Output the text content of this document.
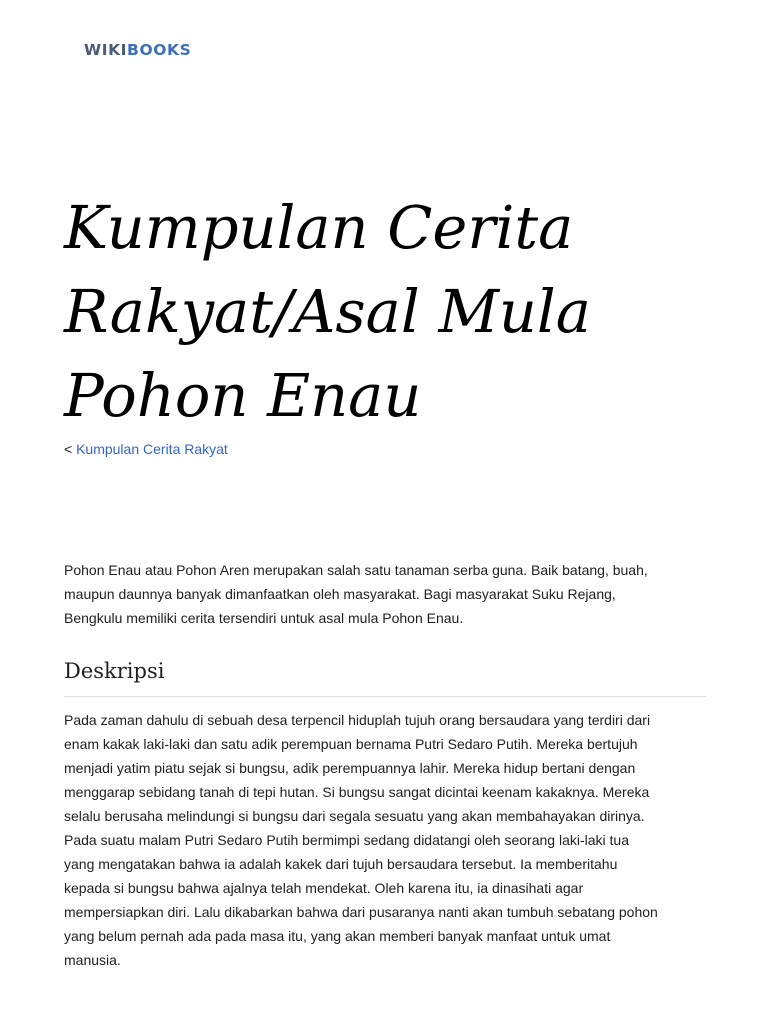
WIKIBOOKS
Kumpulan Cerita
Rakyat/Asal Mula
Pohon Enau
< Kumpulan Cerita Rakyat

Pohon Enau atau Pohon Aren merupakan salah satu tanaman serba guna. Baik batang, buah,
maupun daunnya banyak dimanfaatkan oleh masyarakat. Bagi masyarakat Suku Rejang,
Bengkulu memiliki cerita tersendiri untuk asal mula Pohon Enau.

Deskripsi

Pada zaman dahulu di sebuah desa terpencil hiduplah tujuh orang bersaudara yang terdiri dari
enam kakak laki-laki dan satu adik perempuan bernama Putri Sedaro Putih. Mereka bertujuh
menjadi yatim piatu sejak si bungsu, adik perempuannya lahir. Mereka hidup bertani dengan
menggarap sebidang tanah di tepi hutan. Si bungsu sangat dicintai keenam kakaknya. Mereka
selalu berusaha melindungi si bungsu dari segala sesuatu yang akan membahayakan dirinya.
Pada suatu malam Putri Sedaro Putih bermimpi sedang didatangi oleh seorang laki-laki tua
yang mengatakan bahwa ia adalah kakek dari tujuh bersaudara tersebut. Ia memberitahu
kepada si bungsu bahwa ajalnya telah mendekat. Oleh karena itu, ia dinasihati agar
mempersiapkan diri. Lalu dikabarkan bahwa dari pusaranya nanti akan tumbuh sebatang pohon
yang belum pernah ada pada masa itu, yang akan memberi banyak manfaat untuk umat
manusia.
